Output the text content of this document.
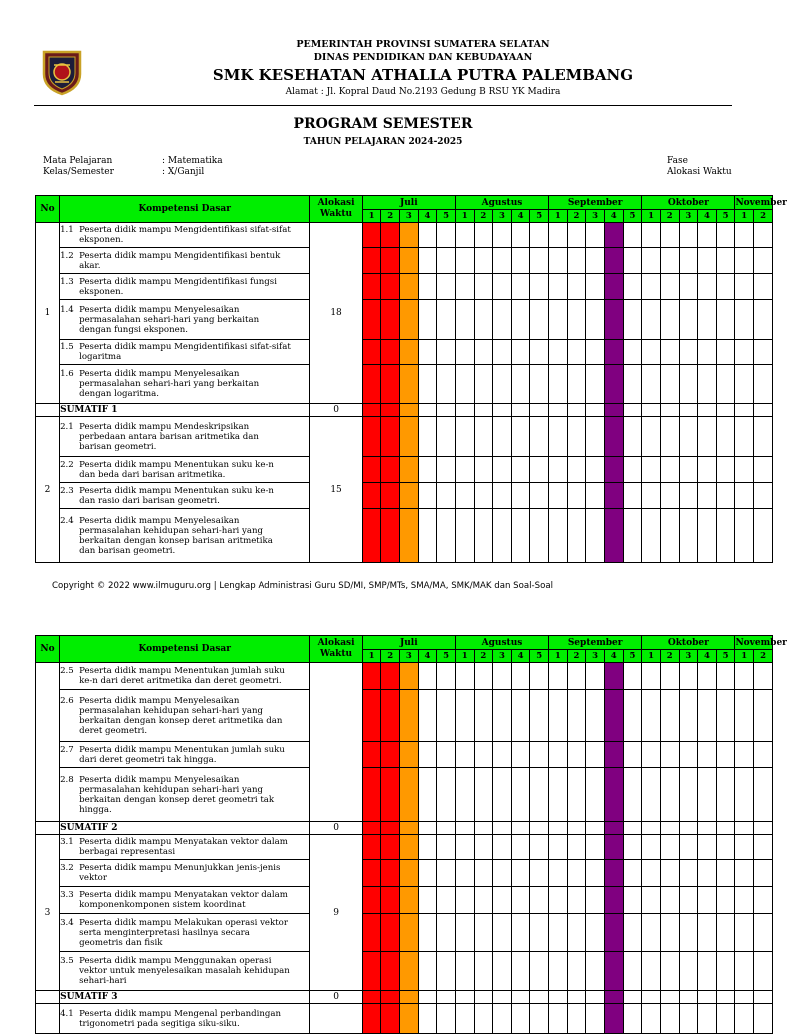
PEMERINTAH PROVINSI SUMATERA SELATAN
DINAS PENDIDIKAN DAN KEBUDAYAAN
SMK KESEHATAN ATHALLA PUTRA PALEMBANG
Alamat : Jl. Kopral Daud No.2193 Gedung B RSU YK Madira
PROGRAM SEMESTER
TAHUN PELAJARAN 2024-2025
Mata Pelajaran
Kelas/Semester
: Matematika
: X/Ganjil
Fase
Alokasi Waktu
No	Kompetensi Dasar	Alokasi
Waktu	Juli					Agustus					September					Oktober					November	
			1	2	3	4	5	1	2	3	4	5	1	2	3	4	5	1	2	3	4	5	1	2
1	1.1 Peserta didik mampu Mengidentifikasi sifat-sifat eksponen.	18																						
	1.2 Peserta didik mampu Mengidentifikasi bentuk akar.																							
	1.3 Peserta didik mampu Mengidentifikasi fungsi eksponen.																							
	1.4 Peserta didik mampu Menyelesaikan permasalahan sehari-hari yang berkaitan dengan fungsi eksponen.																							
	1.5 Peserta didik mampu Mengidentifikasi sifat-sifat logaritma																							
	1.6 Peserta didik mampu Menyelesaikan permasalahan sehari-hari yang berkaitan dengan logaritma.																							
	SUMATIF 1	0																						
2	2.1 Peserta didik mampu Mendeskripsikan perbedaan antara barisan aritmetika dan barisan geometri.	15																						
	2.2 Peserta didik mampu Menentukan suku ke-n dan beda dari barisan aritmetika.																							
	2.3 Peserta didik mampu Menentukan suku ke-n dan rasio dari barisan geometri.																							
	2.4 Peserta didik mampu Menyelesaikan permasalahan kehidupan sehari-hari yang berkaitan dengan konsep barisan aritmetika dan barisan geometri.																							
Copyright © 2022 www.ilmuguru.org | Lengkap Administrasi Guru SD/MI, SMP/MTs, SMA/MA, SMK/MAK dan Soal-Soal
No	Kompetensi Dasar	Alokasi
Waktu	Juli					Agustus					September					Oktober					November	
			1	2	3	4	5	1	2	3	4	5	1	2	3	4	5	1	2	3	4	5	1	2
	2.5 Peserta didik mampu Menentukan jumlah suku ke-n dari deret aritmetika dan deret geometri.																							
	2.6 Peserta didik mampu Menyelesaikan permasalahan kehidupan sehari-hari yang berkaitan dengan konsep deret aritmetika dan deret geometri.																							
	2.7 Peserta didik mampu Menentukan jumlah suku dari deret geometri tak hingga.																							
	2.8 Peserta didik mampu Menyelesaikan permasalahan kehidupan sehari-hari yang berkaitan dengan konsep deret geometri tak hingga.																							
	SUMATIF 2	0																						
3	3.1 Peserta didik mampu Menyatakan vektor dalam berbagai representasi	9																						
	3.2 Peserta didik mampu Menunjukkan jenis-jenis vektor																							
	3.3 Peserta didik mampu Menyatakan vektor dalam komponenkomponen sistem koordinat																							
	3.4 Peserta didik mampu Melakukan operasi vektor serta menginterpretasi hasilnya secara geometris dan fisik																							
	3.5 Peserta didik mampu Menggunakan operasi vektor untuk menyelesaikan masalah kehidupan sehari-hari																							
	SUMATIF 3	0																						
	4.1 Peserta didik mampu Mengenal perbandingan trigonometri pada segitiga siku-siku.																							
